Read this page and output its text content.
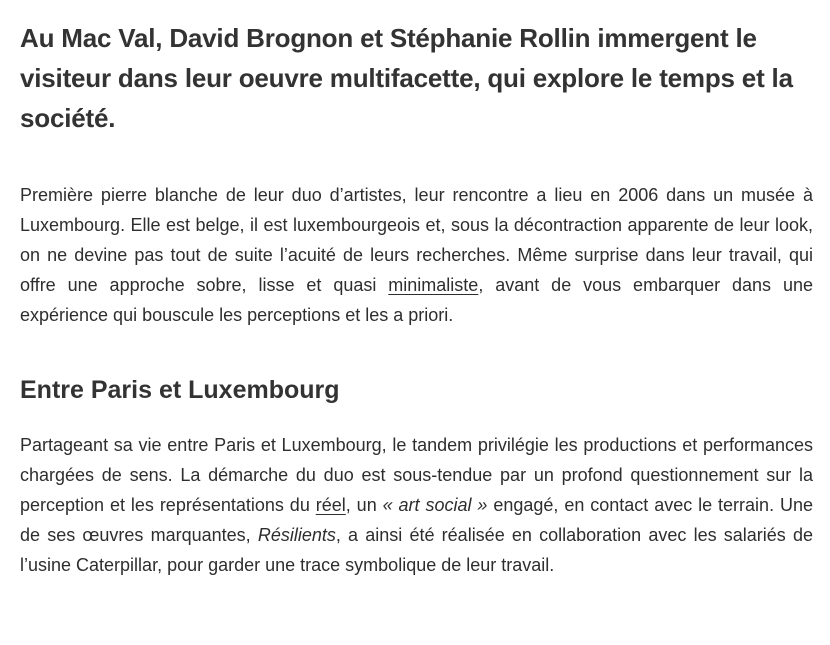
Au Mac Val, David Brognon et Stéphanie Rollin immergent le visiteur dans leur oeuvre multifacette, qui explore le temps et la société.

Première pierre blanche de leur duo d’artistes, leur rencontre a lieu en 2006 dans un musée à Luxembourg. Elle est belge, il est luxembourgeois et, sous la décontraction apparente de leur look, on ne devine pas tout de suite l’acuité de leurs recherches. Même surprise dans leur travail, qui offre une approche sobre, lisse et quasi minimaliste, avant de vous embarquer dans une expérience qui bouscule les perceptions et les a priori.

Entre Paris et Luxembourg

Partageant sa vie entre Paris et Luxembourg, le tandem privilégie les productions et performances chargées de sens. La démarche du duo est sous-tendue par un profond questionnement sur la perception et les représentations du réel, un « art social » engagé, en contact avec le terrain. Une de ses œuvres marquantes, Résilients, a ainsi été réalisée en collaboration avec les salariés de l’usine Caterpillar, pour garder une trace symbolique de leur travail.
